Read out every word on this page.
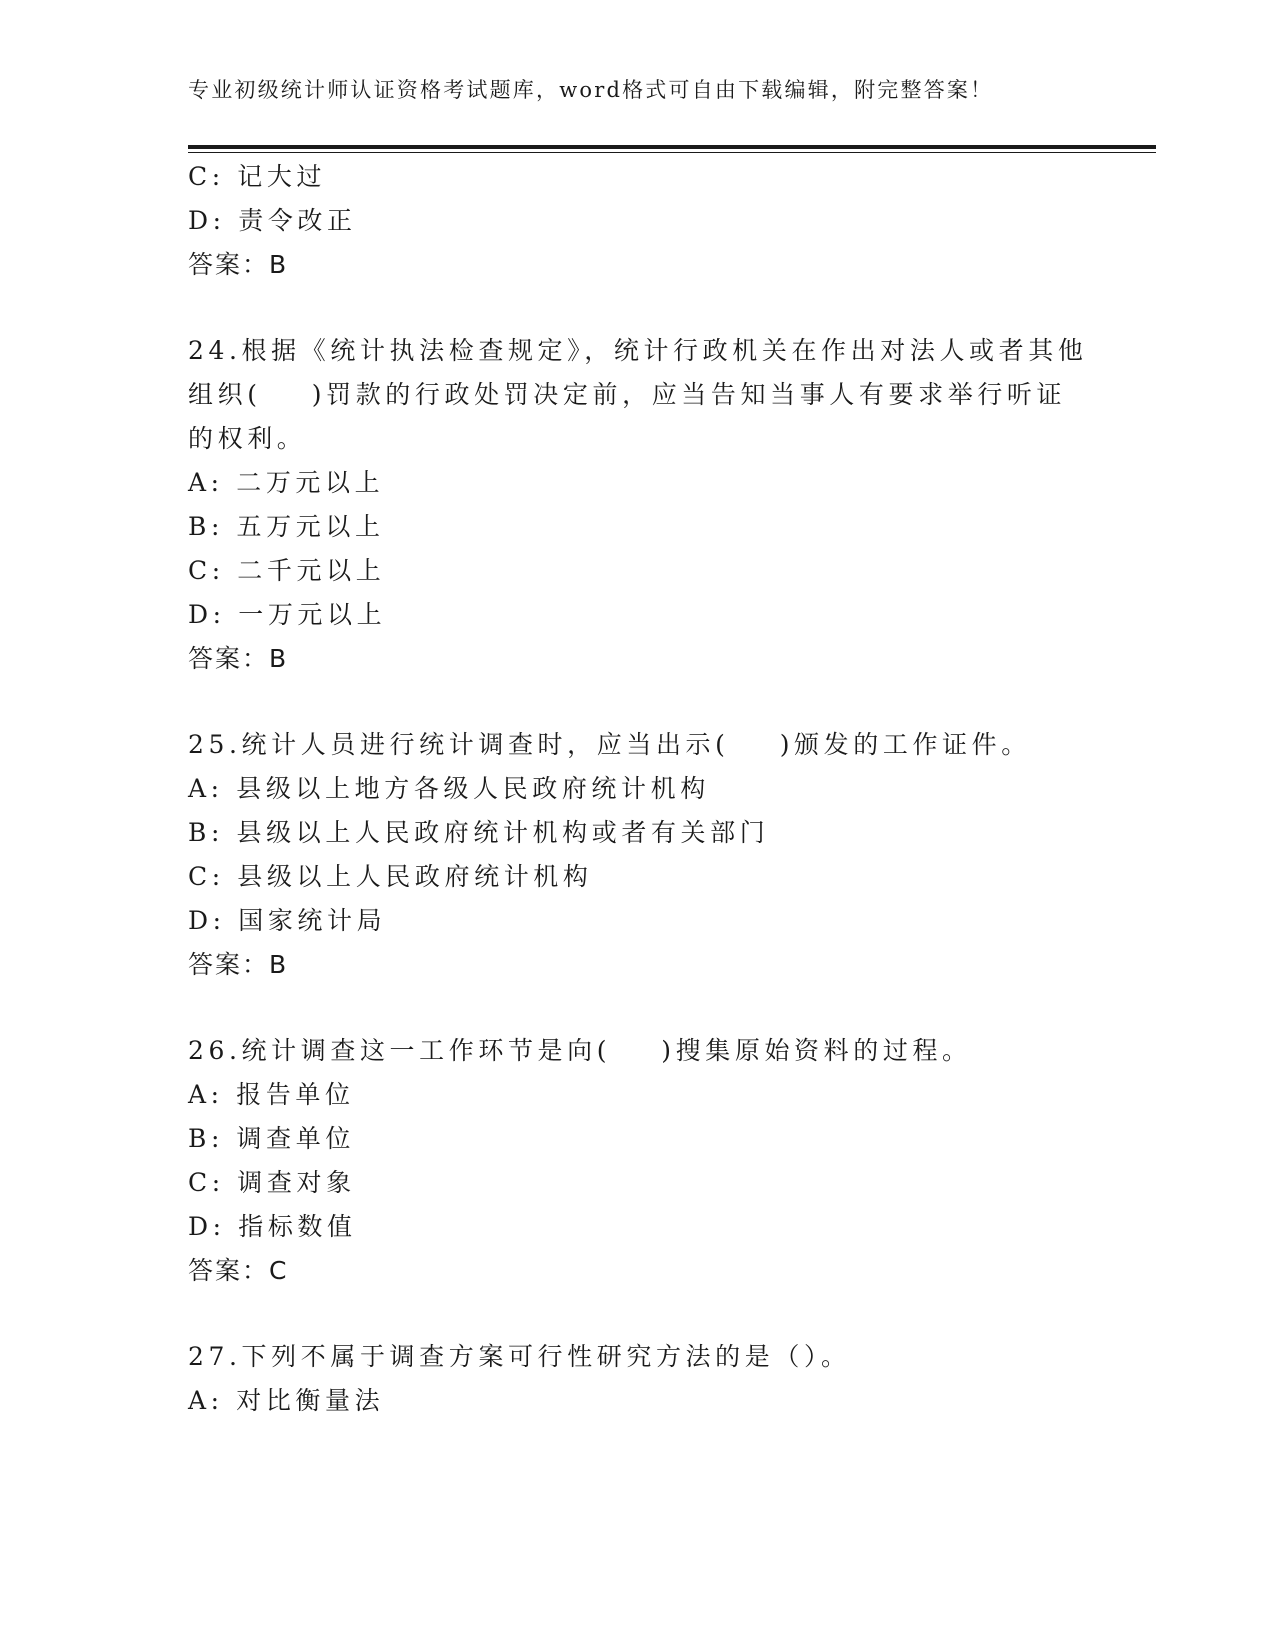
专业初级统计师认证资格考试题库，word格式可自由下载编辑，附完整答案！
C: 记大过
D: 责令改正
答案：B
24.根据《统计执法检查规定》，统计行政机关在作出对法人或者其他
组织(    )罚款的行政处罚决定前，应当告知当事人有要求举行听证
的权利。
A: 二万元以上
B: 五万元以上
C: 二千元以上
D: 一万元以上
答案：B
25.统计人员进行统计调查时，应当出示(    )颁发的工作证件。
A: 县级以上地方各级人民政府统计机构
B: 县级以上人民政府统计机构或者有关部门
C: 县级以上人民政府统计机构
D: 国家统计局
答案：B
26.统计调查这一工作环节是向(    )搜集原始资料的过程。
A: 报告单位
B: 调查单位
C: 调查对象
D: 指标数值
答案：C
27.下列不属于调查方案可行性研究方法的是（）。
A: 对比衡量法
